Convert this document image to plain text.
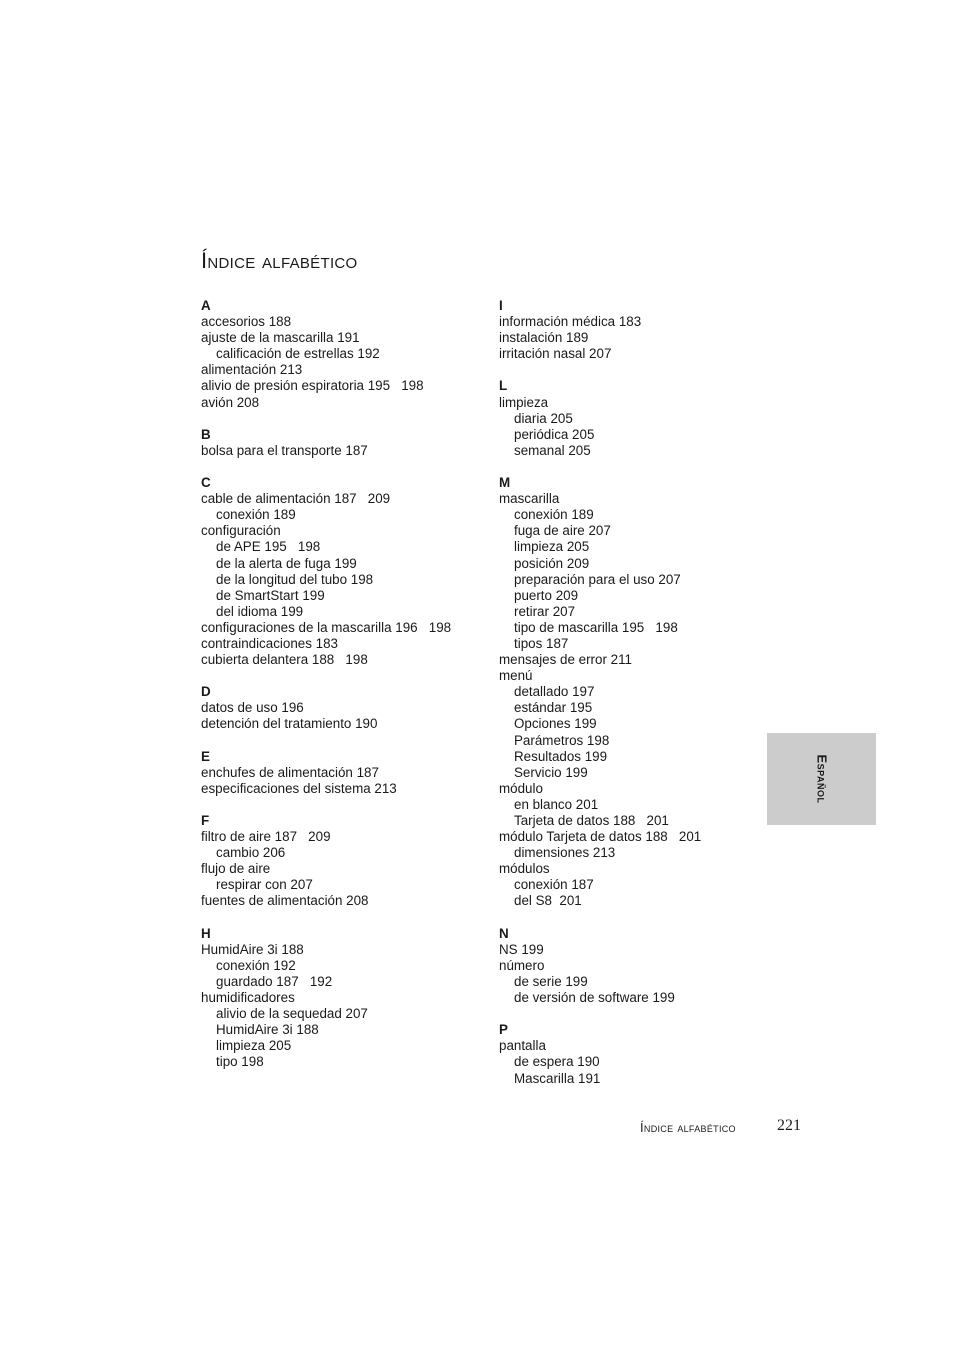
Índice alfabético
A
accesorios 188
ajuste de la mascarilla 191
calificación de estrellas 192
alimentación 213
alivio de presión espiratoria 195   198
avión 208
B
bolsa para el transporte 187
C
cable de alimentación 187   209
conexión 189
configuración
de APE 195   198
de la alerta de fuga 199
de la longitud del tubo 198
de SmartStart 199
del idioma 199
configuraciones de la mascarilla 196   198
contraindicaciones 183
cubierta delantera 188   198
D
datos de uso 196
detención del tratamiento 190
E
enchufes de alimentación 187
especificaciones del sistema 213
F
filtro de aire 187   209
cambio 206
flujo de aire
respirar con 207
fuentes de alimentación 208
H
HumidAire 3i 188
conexión 192
guardado 187   192
humidificadores
alivio de la sequedad 207
HumidAire 3i 188
limpieza 205
tipo 198
I
información médica 183
instalación 189
irritación nasal 207
L
limpieza
diaria 205
periódica 205
semanal 205
M
mascarilla
conexión 189
fuga de aire 207
limpieza 205
posición 209
preparación para el uso 207
puerto 209
retirar 207
tipo de mascarilla 195   198
tipos 187
mensajes de error 211
menú
detallado 197
estándar 195
Opciones 199
Parámetros 198
Resultados 199
Servicio 199
módulo
en blanco 201
Tarjeta de datos 188   201
módulo Tarjeta de datos 188   201
dimensiones 213
módulos
conexión 187
del S8  201
N
NS 199
número
de serie 199
de versión de software 199
P
pantalla
de espera 190
Mascarilla 191
Español
Índice alfabético	221
